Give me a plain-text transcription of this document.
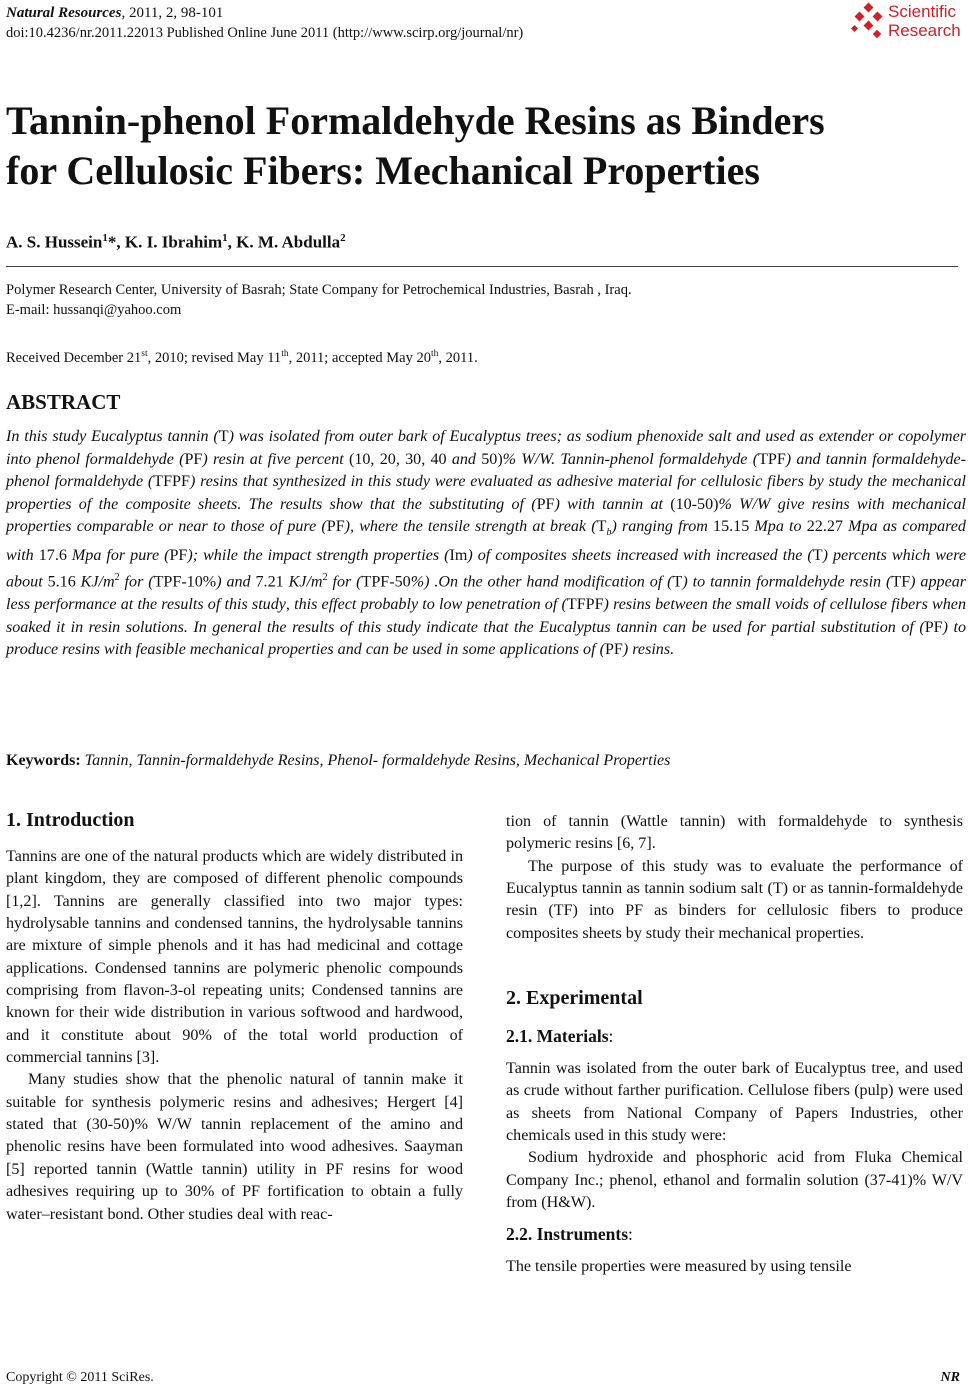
Natural Resources, 2011, 2, 98-101
doi:10.4236/nr.2011.22013 Published Online June 2011 (http://www.scirp.org/journal/nr)
Scientific
Research
Tannin-phenol Formaldehyde Resins as Binders
for Cellulosic Fibers: Mechanical Properties
A. S. Hussein$^1$*, K. I. Ibrahim$^1$, K. M. Abdulla$^2$
Polymer Research Center, University of Basrah; State Company for Petrochemical Industries, Basrah , Iraq.
E-mail: hussanqi@yahoo.com
Received December 21st, 2010; revised May 11th, 2011; accepted May 20th, 2011.
ABSTRACT
In this study Eucalyptus tannin (T) was isolated from outer bark of Eucalyptus trees; as sodium phenoxide salt and used as extender or copolymer into phenol formaldehyde (PF) resin at five percent (10, 20, 30, 40 and 50)% W/W. Tannin-phenol formaldehyde (TPF) and tannin formaldehyde-phenol formaldehyde (TFPF) resins that synthesized in this study were evaluated as adhesive material for cellulosic fibers by study the mechanical properties of the composite sheets. The results show that the substituting of (PF) with tannin at (10-50)% W/W give resins with mechanical properties comparable or near to those of pure (PF), where the tensile strength at break $(T_b)$ ranging from 15.15 Mpa to 22.27 Mpa as compared with 17.6 Mpa for pure (PF); while the impact strength properties (Im) of composites sheets increased with increased the (T) percents which were about 5.16 $KJ/m^2$ for (TPF-10%) and 7.21 $KJ/m^2$ for (TPF-50%) .On the other hand modification of (T) to tannin formaldehyde resin (TF) appear less performance at the results of this study, this effect probably to low penetration of (TFPF) resins between the small voids of cellulose fibers when soaked it in resin solutions. In general the results of this study indicate that the Eucalyptus tannin can be used for partial substitution of (PF) to produce resins with feasible mechanical properties and can be used in some applications of (PF) resins.
Keywords: Tannin, Tannin-formaldehyde Resins, Phenol- formaldehyde Resins, Mechanical Properties
1. Introduction

Tannins are one of the natural products which are widely distributed in plant kingdom, they are composed of different phenolic compounds [1,2]. Tannins are generally classified into two major types: hydrolysable tannins and condensed tannins, the hydrolysable tannins are mixture of simple phenols and it has had medicinal and cottage applications. Condensed tannins are polymeric phenolic compounds comprising from flavon-3-ol repeating units; Condensed tannins are known for their wide distribution in various softwood and hardwood, and it constitute about 90% of the total world production of commercial tannins [3].

Many studies show that the phenolic natural of tannin make it suitable for synthesis polymeric resins and adhesives; Hergert [4] stated that (30-50)% W/W tannin replacement of the amino and phenolic resins have been formulated into wood adhesives. Saayman [5] reported tannin (Wattle tannin) utility in PF resins for wood adhesives requiring up to 30% of PF fortification to obtain a fully water–resistant bond. Other studies deal with reac-

tion of tannin (Wattle tannin) with formaldehyde to synthesis polymeric resins [6, 7].

The purpose of this study was to evaluate the performance of Eucalyptus tannin as tannin sodium salt (T) or as tannin-formaldehyde resin (TF) into PF as binders for cellulosic fibers to produce composites sheets by study their mechanical properties.

2. Experimental
2.1. Materials:

Tannin was isolated from the outer bark of Eucalyptus tree, and used as crude without farther purification. Cellulose fibers (pulp) were used as sheets from National Company of Papers Industries, other chemicals used in this study were:

Sodium hydroxide and phosphoric acid from Fluka Chemical Company Inc.; phenol, ethanol and formalin solution (37-41)% W/V from (H&W).

2.2. Instruments:

The tensile properties were measured by using tensile

Copyright © 2011 SciRes.	NR
